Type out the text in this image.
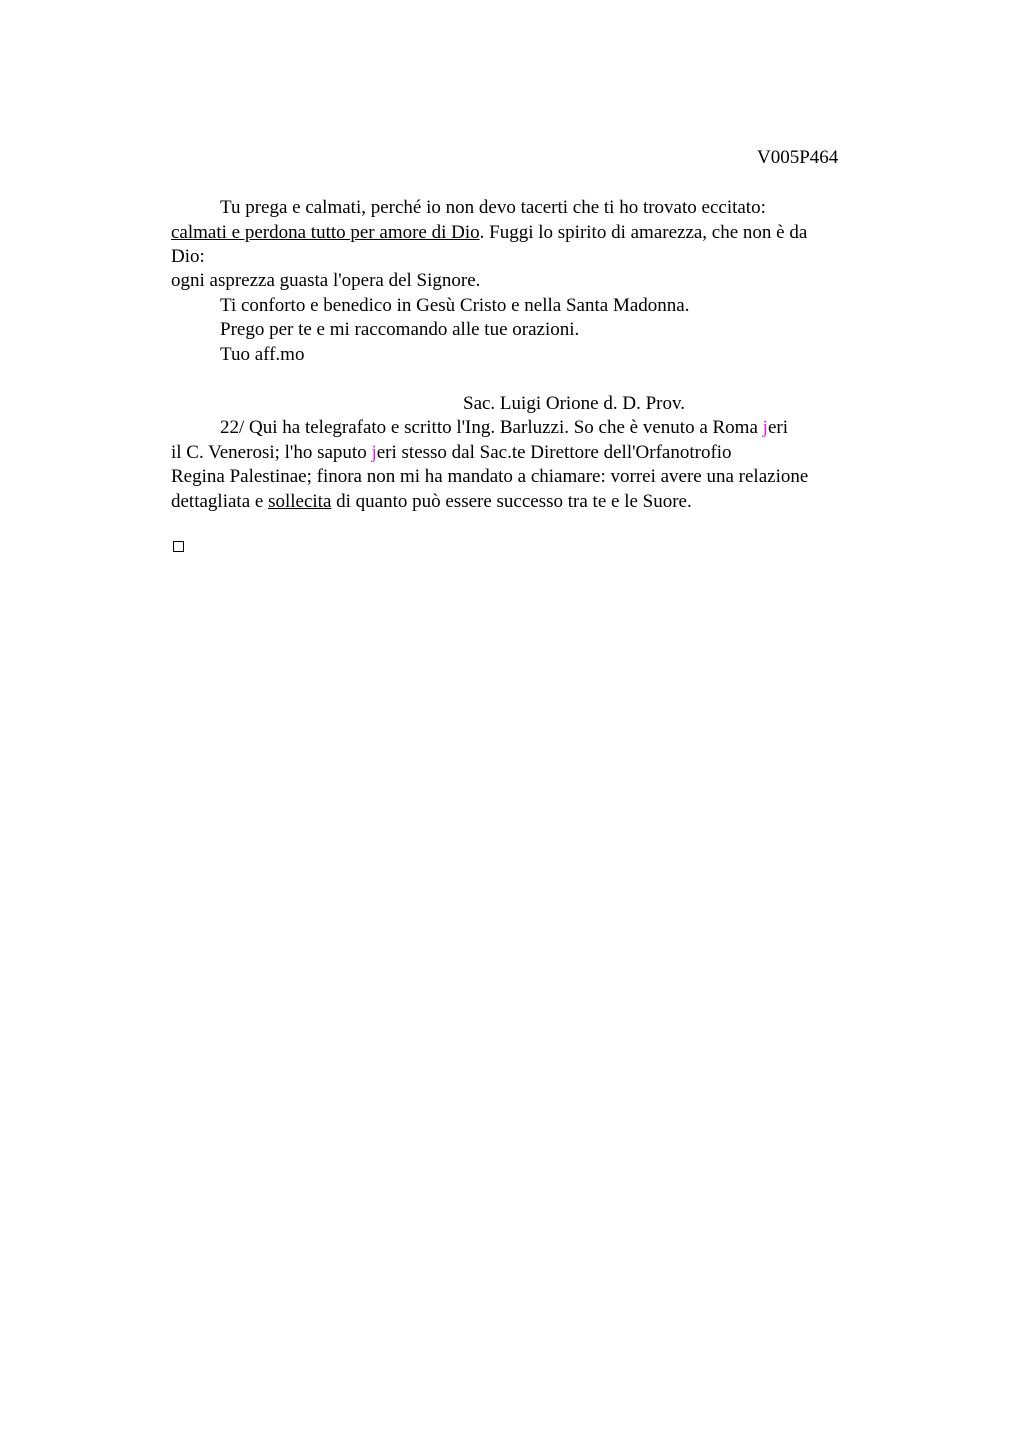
V005P464
Tu prega e calmati, perché io non devo tacerti che ti ho trovato eccitato:
calmati e perdona tutto per amore di Dio. Fuggi lo spirito di amarezza, che non è da
Dio:
ogni asprezza guasta l'opera del Signore.
Ti conforto e benedico in Gesù Cristo e nella Santa Madonna.
Prego per te e mi raccomando alle tue orazioni.
Tuo aff.mo
Sac. Luigi Orione d. D. Prov.
22/ Qui ha telegrafato e scritto l'Ing. Barluzzi. So che è venuto a Roma jeri
il C. Venerosi; l'ho saputo jeri stesso dal Sac.te Direttore dell'Orfanotrofio
Regina Palestinae; finora non mi ha mandato a chiamare: vorrei avere una relazione
dettagliata e sollecita di quanto può essere successo tra te e le Suore.
